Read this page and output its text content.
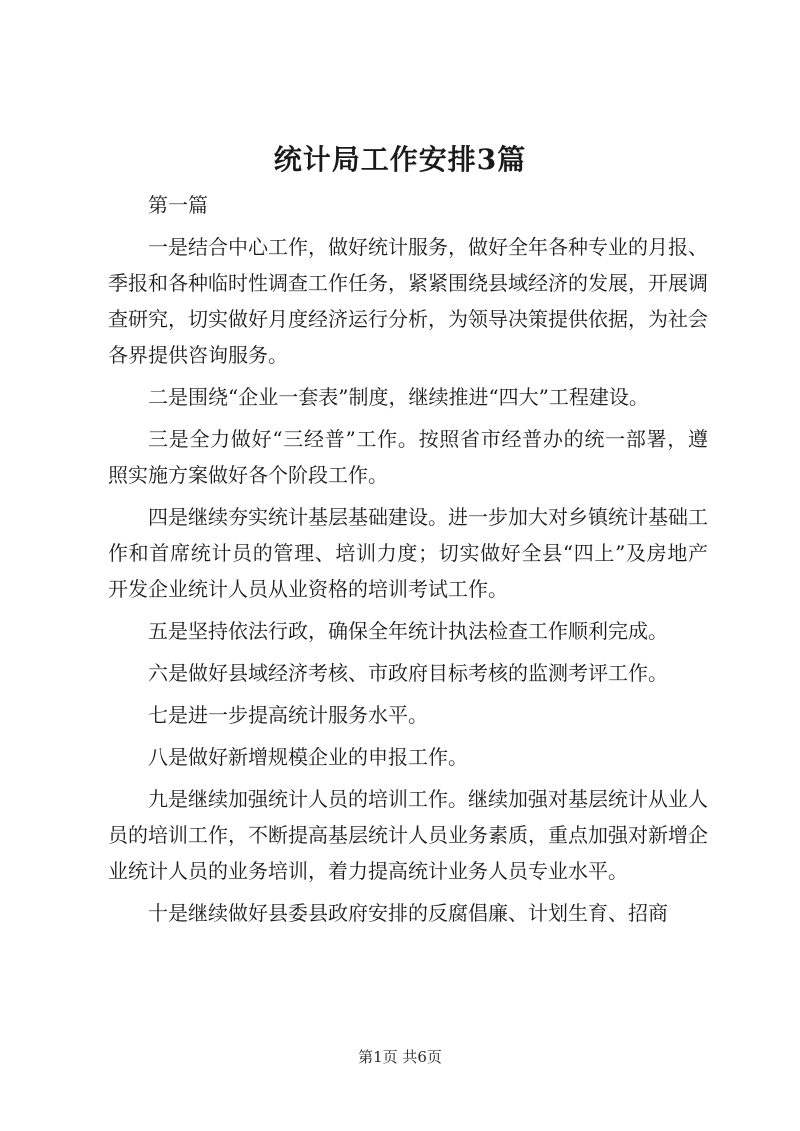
统计局工作安排3篇

第一篇

一是结合中心工作，做好统计服务，做好全年各种专业的月报、季报和各种临时性调查工作任务，紧紧围绕县域经济的发展，开展调查研究，切实做好月度经济运行分析，为领导决策提供依据，为社会各界提供咨询服务。

二是围绕“企业一套表”制度，继续推进“四大”工程建设。

三是全力做好“三经普”工作。按照省市经普办的统一部署，遵照实施方案做好各个阶段工作。

四是继续夯实统计基层基础建设。进一步加大对乡镇统计基础工作和首席统计员的管理、培训力度；切实做好全县“四上”及房地产开发企业统计人员从业资格的培训考试工作。

五是坚持依法行政，确保全年统计执法检查工作顺利完成。

六是做好县域经济考核、市政府目标考核的监测考评工作。

七是进一步提高统计服务水平。

八是做好新增规模企业的申报工作。

九是继续加强统计人员的培训工作。继续加强对基层统计从业人员的培训工作，不断提高基层统计人员业务素质，重点加强对新增企业统计人员的业务培训，着力提高统计业务人员专业水平。

十是继续做好县委县政府安排的反腐倡廉、计划生育、招商

第1页 共6页
